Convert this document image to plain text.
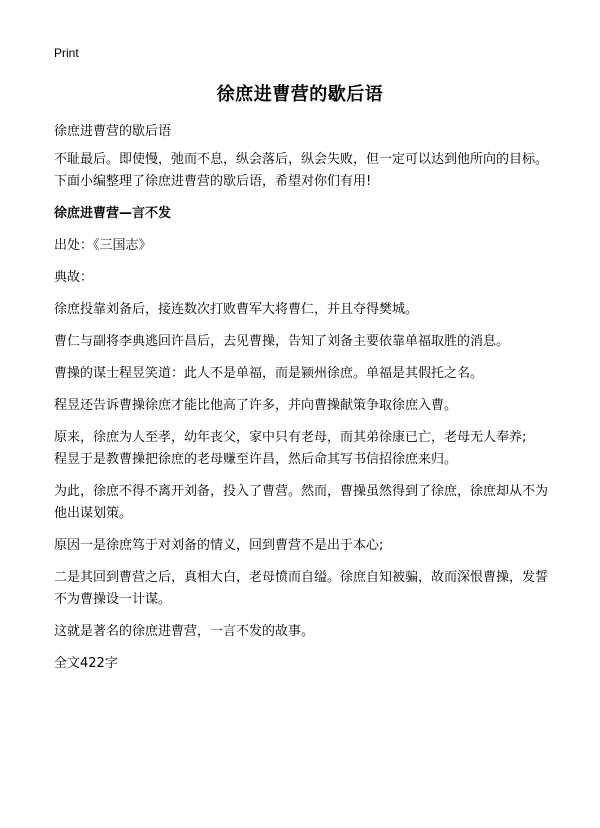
Print
徐庶进曹营的歇后语
徐庶进曹营的歇后语

不耻最后。即使慢，弛而不息，纵会落后，纵会失败，但一定可以达到他所向的目标。下面小编整理了徐庶进曹营的歇后语，希望对你们有用!

徐庶进曹营—言不发

出处：《三国志》

典故：

徐庶投靠刘备后，接连数次打败曹军大将曹仁，并且夺得樊城。

曹仁与副将李典逃回许昌后，去见曹操，告知了刘备主要依靠单福取胜的消息。

曹操的谋士程昱笑道：此人不是单福，而是颍州徐庶。单福是其假托之名。

程昱还告诉曹操徐庶才能比他高了许多，并向曹操献策争取徐庶入曹。

原来，徐庶为人至孝，幼年丧父，家中只有老母，而其弟徐康已亡，老母无人奉养;

程昱于是教曹操把徐庶的老母赚至许昌，然后命其写书信招徐庶来归。

为此，徐庶不得不离开刘备，投入了曹营。然而，曹操虽然得到了徐庶，徐庶却从不为他出谋划策。

原因一是徐庶笃于对刘备的情义，回到曹营不是出于本心;

二是其回到曹营之后，真相大白，老母愤而自缢。徐庶自知被骗，故而深恨曹操，发誓不为曹操设一计谋。

这就是著名的徐庶进曹营，一言不发的故事。

全文422字
